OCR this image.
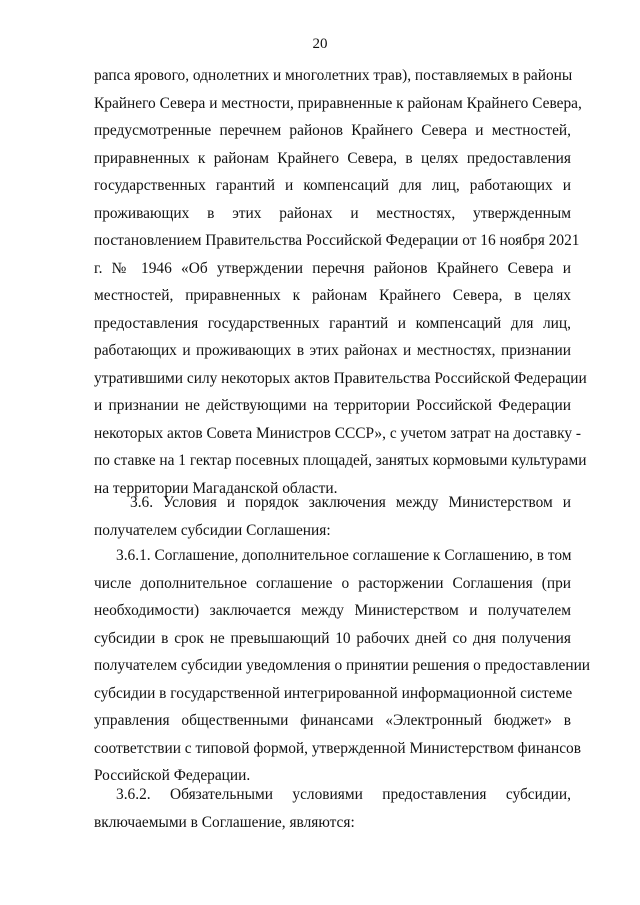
20
рапса ярового, однолетних и многолетних трав), поставляемых в районы
Крайнего Севера и местности, приравненные к районам Крайнего Севера,
предусмотренные перечнем районов Крайнего Севера и местностей,
приравненных к районам Крайнего Севера, в целях предоставления
государственных гарантий и компенсаций для лиц, работающих и
проживающих в этих районах и местностях, утвержденным
постановлением Правительства Российской Федерации от 16 ноября 2021
г. № 1946 «Об утверждении перечня районов Крайнего Севера и
местностей, приравненных к районам Крайнего Севера, в целях
предоставления государственных гарантий и компенсаций для лиц,
работающих и проживающих в этих районах и местностях, признании
утратившими силу некоторых актов Правительства Российской Федерации
и признании не действующими на территории Российской Федерации
некоторых актов Совета Министров СССР», с учетом затрат на доставку -
по ставке на 1 гектар посевных площадей, занятых кормовыми культурами
на территории Магаданской области.
3.6. Условия и порядок заключения между Министерством и
получателем субсидии Соглашения:
3.6.1. Соглашение, дополнительное соглашение к Соглашению, в том
числе дополнительное соглашение о расторжении Соглашения (при
необходимости) заключается между Министерством и получателем
субсидии в срок не превышающий 10 рабочих дней со дня получения
получателем субсидии уведомления о принятии решения о предоставлении
субсидии в государственной интегрированной информационной системе
управления общественными финансами «Электронный бюджет» в
соответствии с типовой формой, утвержденной Министерством финансов
Российской Федерации.
3.6.2. Обязательными условиями предоставления субсидии,
включаемыми в Соглашение, являются:
